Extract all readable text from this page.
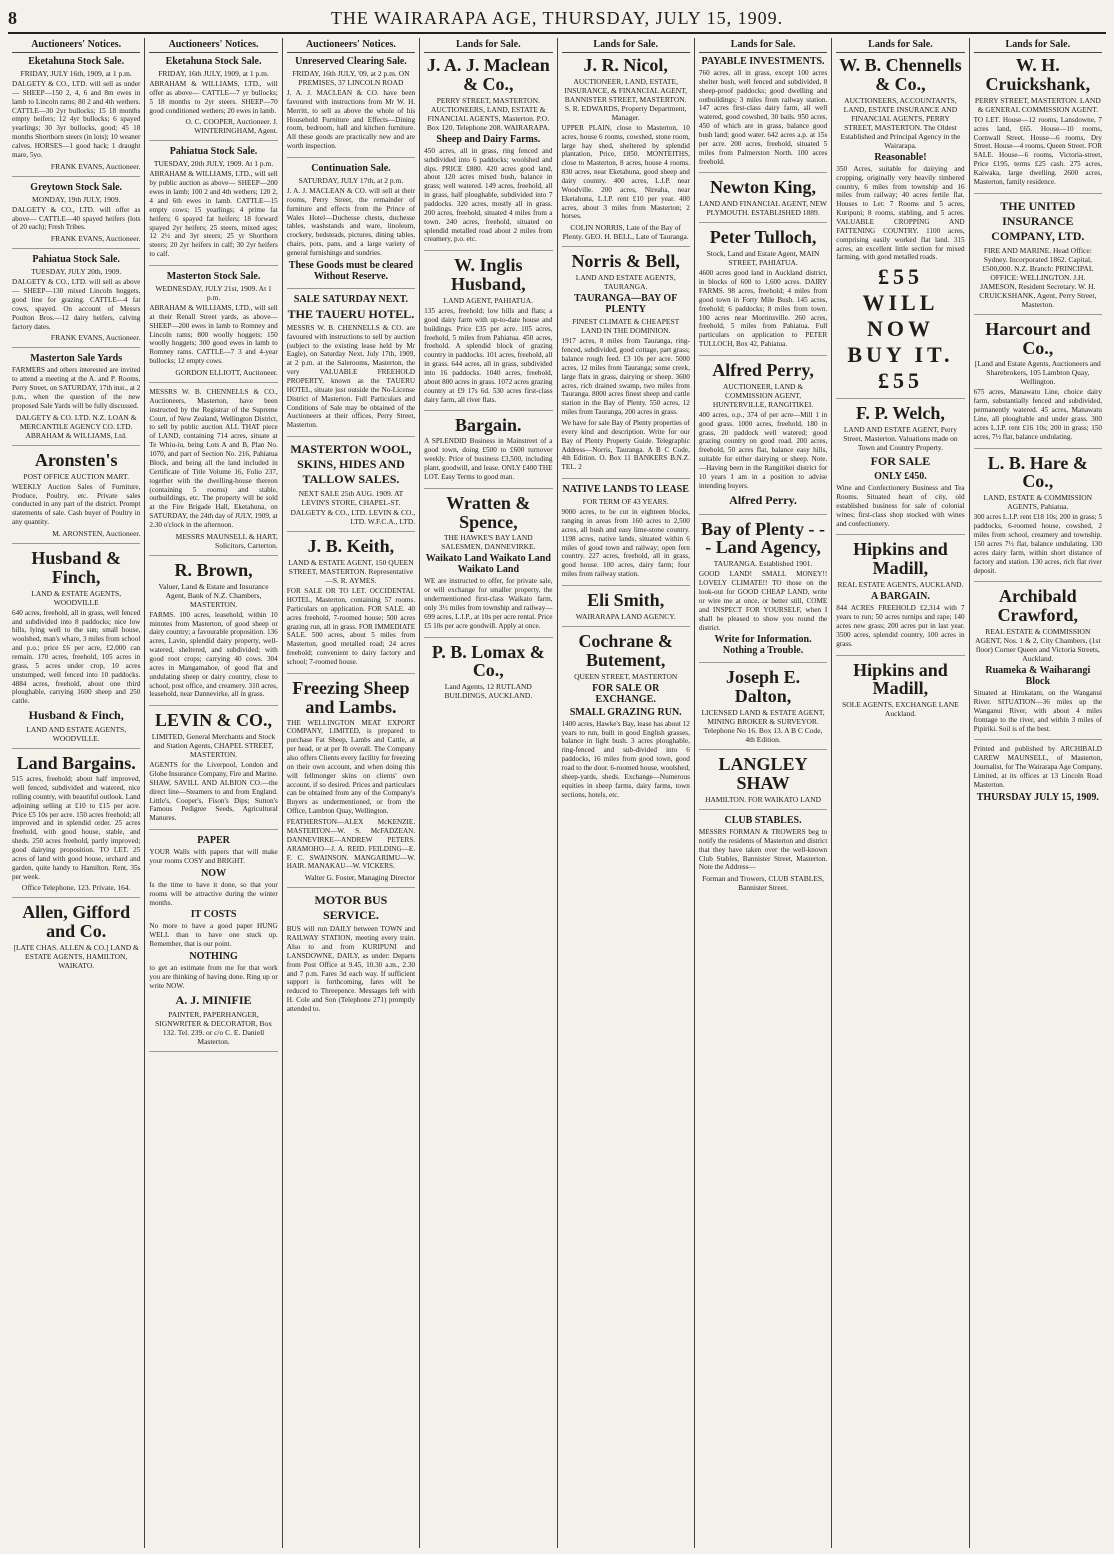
8	THE WAIRARAPA AGE, THURSDAY, JULY 15, 1909.
Auctioneers' Notices.
Eketahuna Stock Sale.
FRIDAY, JULY 16th, 1909, at 1 p.m.
DALGETY & CO., LTD. will sell as under— SHEEP—150 2, 4, 6 and 8m ewes in lamb to Lincoln rams; 80 2 and 4th wethers. CATTLE—30 2yr bullocks; 15 18 months empty heifers; 12 4yr bullocks; 6 spayed yearlings; 30 3yr bullocks, good; 45 18 months Shorthorn steers (in lots); 10 weaner calves. HORSES—1 good hack; 1 draught mare, 5yo.
FRANK EVANS, Auctioneer.
Greytown Stock Sale.
MONDAY, 19th JULY, 1909.
DALGETY & CO., LTD. will offer as above— CATTLE—40 spayed heifers (lots of 20 each); Fresh Tribes.
FRANK EVANS, Auctioneer.
Pahiatua Stock Sale.
TUESDAY, JULY 20th, 1909.
DALGETY & CO., LTD. will sell as above— SHEEP—130 mixed Lincoln hoggets, good line for grazing. CATTLE—4 fat cows, spayed. On account of Messrs Poulton Bros.—12 dairy heifers, calving factory dates.
FRANK EVANS, Auctioneer.
Masterton Sale Yards
FARMERS and others interested are invited to attend a meeting at the A. and P. Rooms, Perry Street, on SATURDAY, 17th inst., at 2 p.m., when the question of the new proposed Sale Yards will be fully discussed.
DALGETY & CO. LTD. N.Z. LOAN & MERCANTILE AGENCY CO. LTD. ABRAHAM & WILLIAMS, Ltd.
Aronsten's
POST OFFICE AUCTION MART.
WEEKLY Auction Sales of Furniture, Produce, Poultry, etc. Private sales conducted in any part of the district. Prompt statements of sale. Cash buyer of Poultry in any quantity.
M. ARONSTEN, Auctioneer.
Husband & Finch,
LAND & ESTATE AGENTS, WOODVILLE
640 acres, freehold, all in grass, well fenced and subdivided into 8 paddocks; nice low hills, lying well to the sun; small house, woolshed, man's whare, 3 miles from school and p.o.; price £6 per acre, £2,000 can remain. 170 acres, freehold, 105 acres in grass, 5 acres under crop, 10 acres unstumped, well fenced into 10 paddocks. 4884 acres, freehold, about one third ploughable, carrying 1600 sheep and 250 cattle.
Husband & Finch,
LAND AND ESTATE AGENTS, WOODVILLE.
Land Bargains.
515 acres, freehold; about half improved, well fenced, subdivided and watered, nice rolling country, with beautiful outlook. Land adjoining selling at £10 to £15 per acre. Price £5 10s per acre. 150 acres freehold; all improved and in splendid order. 25 acres freehold, with good house, stable, and sheds. 250 acres freehold, partly improved; good dairying proposition. TO LET. 25 acres of land with good house, orchard and garden, quite handy to Hamilton. Rent, 35s per week.
Office Telephone, 123. Private, 164.
Allen, Gifford and Co.
[LATE CHAS. ALLEN & CO.] LAND & ESTATE AGENTS, HAMILTON, WAIKATO.
Auctioneers' Notices.
Eketahuna Stock Sale.
FRIDAY, 16th JULY, 1909, at 1 p.m.
ABRAHAM & WILLIAMS, LTD., will offer as above— CATTLE—7 yr bullocks; 5 18 months to 2yr steers. SHEEP—70 good conditioned wethers; 20 ewes in lamb.
O. C. COOPER, Auctioneer. J. WINTERINGHAM, Agent.
Pahiatua Stock Sale.
TUESDAY, 20th JULY, 1909. At 1 p.m.
ABRAHAM & WILLIAMS, LTD., will sell by public auction as above— SHEEP—200 ewes in lamb; 100 2 and 4th wethers; 120 2, 4 and 6th ewes in lamb. CATTLE—15 empty cows; 15 yearlings; 4 prime fat heifers; 6 spayed fat heifers; 18 forward spayed 2yr heifers; 25 steers, mixed ages; 12 2½ and 3yr steers; 25 yr Shorthorn steers; 20 2yr heifers in calf; 30 2yr heifers to calf.
Masterton Stock Sale.
WEDNESDAY, JULY 21st, 1909. At 1 p.m.
ABRAHAM & WILLIAMS, LTD., will sell at their Renall Street yards, as above— SHEEP—200 ewes in lamb to Romney and Lincoln rams; 800 woolly hoggets; 150 woolly hoggets; 300 good ewes in lamb to Romney rams. CATTLE—7 3 and 4-year bullocks; 12 empty cows.
GORDON ELLIOTT, Auctioneer.
MESSRS W. B. CHENNELLS & CO., Auctioneers, Masterton, have been instructed by the Registrar of the Supreme Court, of New Zealand, Wellington District, to sell by public auction ALL THAT piece of LAND, containing 714 acres, situate at Te Whiu-iu, being Lots A and B, Plan No. 1070, and part of Section No. 216, Pahiatua Block, and being all the land included in Certificate of Title Volume 16, Folio 237, together with the dwelling-house thereon (containing 5 rooms) and stable, outbuildings, etc. The property will be sold at the Fire Brigade Hall, Eketahuna, on SATURDAY, the 24th day of JULY, 1909, at 2.30 o'clock in the afternoon.
MESSRS MAUNSELL & HART, Solicitors, Carterton.
R. Brown,
Valuer, Land & Estate and Insurance Agent, Bank of N.Z. Chambers, MASTERTON.
FARMS. 100 acres, leasehold, within 10 minutes from Masterton, of good sheep or dairy country; a favourable proposition. 136 acres, Lavin, splendid dairy property, well-watered, sheltered, and subdivided; with good root crops; carrying 40 cows. 304 acres in Mangamahoe, of good flat and undulating sheep or dairy country, close to school, post office, and creamery. 310 acres, leasehold, near Dannevirke, all in grass.
LEVIN & CO.,
LIMITED, General Merchants and Stock and Station Agents, CHAPEL STREET, MASTERTON.
AGENTS for the Liverpool, London and Globe Insurance Company, Fire and Marine. SHAW, SAVILL AND ALBION CO.—the direct line—Steamers to and from England. Little's, Cooper's, Fison's Dips; Sutton's Famous Pedigree Seeds, Agricultural Manures.
PAPER
YOUR Walls with papers that will make your rooms COSY and BRIGHT.
NOW
Is the time to have it done, so that your rooms will be attractive during the winter months.
IT COSTS
No more to have a good paper HUNG WELL than to have one stuck up. Remember, that is our point.
NOTHING
to get an estimate from me for that work you are thinking of having done. Ring up or write NOW.
A. J. MINIFIE
PAINTER, PAPERHANGER, SIGNWRITER & DECORATOR, Box 132. Tel. 239. or c/o C. E. Daniell Masterton.
Auctioneers' Notices.
Unreserved Clearing Sale.
FRIDAY, 16th JULY, '09, at 2 p.m. ON PREMISES, 37 LINCOLN ROAD
J. A. J. MACLEAN & CO. have been favoured with instructions from Mr W. H. Merritt, to sell as above the whole of his Household Furniture and Effects—Dining room, bedroom, hall and kitchen furniture. All these goods are practically new and are worth inspection.
Continuation Sale.
SATURDAY, JULY 17th, at 2 p.m.
J. A. J. MACLEAN & CO. will sell at their rooms, Perry Street, the remainder of furniture and effects from the Prince of Wales Hotel—Duchesse chests, duchesse tables, washstands and ware, linoleum, crockery, bedsteads, pictures, dining tables, chairs, pots, pans, and a large variety of general furnishings and sundries.
These Goods must be cleared Without Reserve.
SALE SATURDAY NEXT.
THE TAUERU HOTEL.
MESSRS W. B. CHENNELLS & CO. are favoured with instructions to sell by auction (subject to the existing lease held by Mr Eagle), on Saturday Next, July 17th, 1909, at 2 p.m. at the Salerooms, Masterton, the very VALUABLE FREEHOLD PROPERTY, known as the TAUERU HOTEL, situate just outside the No-License District of Masterton. Full Particulars and Conditions of Sale may be obtained of the Auctioneers at their offices, Perry Street, Masterton.
MASTERTON WOOL, SKINS, HIDES AND TALLOW SALES.
NEXT SALE 25th AUG. 1909. AT LEVIN'S STORE, CHAPEL-ST.
DALGETY & CO., LTD. LEVIN & CO., LTD. W.F.C.A., LTD.
J. B. Keith,
LAND & ESTATE AGENT, 150 QUEEN STREET, MASTERTON. Representative—S. R. AYMES.
FOR SALE OR TO LET. OCCIDENTAL HOTEL, Masterton, containing 57 rooms. Particulars on application. FOR SALE. 40 acres freehold, 7-roomed house; 500 acres grazing run, all in grass. FOR IMMEDIATE SALE. 500 acres, about 5 miles from Masterton, good metalled road; 24 acres freehold; convenient to dairy factory and school; 7-roomed house.
Freezing Sheep and Lambs.
THE WELLINGTON MEAT EXPORT COMPANY, LIMITED, is prepared to purchase Fat Sheep, Lambs and Cattle, at per head, or at per lb overall. The Company also offers Clients every facility for freezing on their own account, and when doing this will fellmonger skins on clients' own account, if so desired. Prices and particulars can be obtained from any of the Company's Buyers as undermentioned, or from the Office, Lambton Quay, Wellington.
FEATHERSTON—ALEX McKENZIE. MASTERTON—W. S. McFADZEAN. DANNEVIRKE—ANDREW PETERS. ARAMOHO—J. A. REID. FEILDING—E. F. C. SWAINSON. MANGARIMU—W. HAIR. MANAKAU—W. VICKERS.
Walter G. Foster, Managing Director
MOTOR BUS SERVICE.
BUS will run DAILY between TOWN and RAILWAY STATION, meeting every train. Also to and from KURIPUNI and LANSDOWNE, DAILY, as under: Departs from Post Office at 9.45, 10.30 a.m., 2.30 and 7 p.m. Fares 3d each way. If sufficient support is forthcoming, fares will be reduced to Threepence. Messages left with H. Cole and Son (Telephone 271) promptly attended to.
Lands for Sale.
J. A. J. Maclean & Co.,
PERRY STREET, MASTERTON. AUCTIONEERS, LAND, ESTATE & FINANCIAL AGENTS, Masterton. P.O. Box 120. Telephone 208. WAIRARAPA.
Sheep and Dairy Farms.
450 acres, all in grass, ring fenced and subdivided into 6 paddocks; woolshed and dips. PRICE £880. 420 acres good land, about 120 acres mixed bush, balance in grass; well watered. 149 acres, freehold, all in grass, half ploughable, subdivided into 7 paddocks. 320 acres, mostly all in grass. 200 acres, freehold, situated 4 miles from a town. 240 acres, freehold, situated on splendid metalled road about 2 miles from creamery, p.o. etc.
W. Inglis Husband,
LAND AGENT, PAHIATUA.
135 acres, freehold; low hills and flats; a good dairy farm with up-to-date house and buildings. Price £35 per acre. 105 acres, freehold, 5 miles from Pahiatua. 450 acres, freehold. A splendid block of grazing country in paddocks. 101 acres, freehold, all in grass. 644 acres, all in grass, subdivided into 16 paddocks. 1040 acres, freehold, about 800 acres in grass. 1072 acres grazing country at £9 17s 6d. 530 acres first-class dairy farm, all river flats.
Bargain.
A SPLENDID Business in Mainstreet of a good town, doing £500 to £600 turnover weekly. Price of business £3,500, including plant, goodwill, and lease. ONLY £400 THE LOT. Easy Terms to good man.
Wratten & Spence,
THE HAWKE'S BAY LAND SALESMEN, DANNEVIRKE.
Waikato Land Waikato Land Waikato Land
WE are instructed to offer, for private sale, or will exchange for smaller property, the undermentioned first-class Waikato farm, only 3½ miles from township and railway— 699 acres, L.I.P., at 10s per acre rental. Price £5 10s per acre goodwill. Apply at once.
P. B. Lomax & Co.,
Land Agents, 12 RUTLAND BUILDINGS, AUCKLAND.
Lands for Sale.
J. R. Nicol,
AUCTIONEER, LAND, ESTATE, INSURANCE, & FINANCIAL AGENT, BANNISTER STREET, MASTERTON. S. R. EDWARDS, Property Department, Manager.
UPPER PLAIN, close to Masterton, 10 acres, house 6 rooms, cowshed, stone room, large hay shed, sheltered by splendid plantation, Price, £850. MONTEITHS, close to Masterton, 8 acres, house 4 rooms. 830 acres, near Eketahuna, good sheep and dairy country. 400 acres, L.I.P. near Woodville. 200 acres, Nireaha, near Eketahuna, L.I.P. rent £10 per year. 400 acres, about 3 miles from Masterton; 2 horses.
COLIN NORRIS, Late of the Bay of Plenty. GEO. H. BELL, Late of Tauranga.
Norris & Bell,
LAND AND ESTATE AGENTS, TAURANGA.
TAURANGA—BAY OF PLENTY
FINEST CLIMATE & CHEAPEST LAND IN THE DOMINION.
1917 acres, 8 miles from Tauranga, ring-fenced, subdivided, good cottage, part grass; balance rough feed. £3 10s per acre. 5000 acres, 12 miles from Tauranga; some creek, large flats in grass, dairying or sheep. 3600 acres, rich drained swamp, two miles from Tauranga. 8000 acres finest sheep and cattle station in the Bay of Plenty. 550 acres, 12 miles from Tauranga, 200 acres in grass.
We have for sale Bay of Plenty properties of every kind and description. Write for our Bay of Plenty Property Guide. Telegraphic Address—Norris, Tauranga. A B C Code, 4th Edition. O. Box 11 BANKERS B.N.Z. TEL. 2
NATIVE LANDS TO LEASE
FOR TERM OF 43 YEARS.
9000 acres, to be cut in eighteen blocks, ranging in areas from 160 acres to 2,500 acres, all bush and easy lime-stone country. 1198 acres, native lands, situated within 6 miles of good town and railway; open fern country. 227 acres, freehold, all in grass, good house. 100 acres, dairy farm; four miles from railway station.
Eli Smith,
WAIRARAPA LAND AGENCY.
Cochrane & Butement,
QUEEN STREET, MASTERTON
FOR SALE OR EXCHANGE.
SMALL GRAZING RUN.
1400 acres, Hawke's Bay, lease has about 12 years to run, built in good English grasses, balance in light bush. 3 acres ploughable, ring-fenced and sub-divided into 6 paddocks, 16 miles from good town, good road to the door. 6-roomed house, woolshed, sheep-yards, sheds. Exchange—Numerous equities in sheep farms, dairy farms, town sections, hotels, etc.
Lands for Sale.
PAYABLE INVESTMENTS.
760 acres, all in grass, except 100 acres shelter bush, well fenced and subdivided, 8 sheep-proof paddocks; good dwelling and outbuildings; 3 miles from railway station. 147 acres first-class dairy farm, all well watered, good cowshed, 30 bails. 950 acres, 450 of which are in grass, balance good bush land; good water. 642 acres a.p. at 15s per acre. 200 acres, freehold, situated 5 miles from Palmerston North. 100 acres freehold.
Newton King,
LAND AND FINANCIAL AGENT, NEW PLYMOUTH. ESTABLISHED 1889.
Peter Tulloch,
Stock, Land and Estate Agent, MAIN STREET, PAHIATUA.
4600 acres good land in Auckland district, in blocks of 600 to 1,600 acres. DAIRY FARMS. 98 acres, freehold; 4 miles from good town in Forty Mile Bush. 145 acres, freehold; 6 paddocks; 8 miles from town. 100 acres near Morrinsville. 260 acres, freehold, 5 miles from Pahiatua. Full particulars on application to PETER TULLOCH, Box 42, Pahiatua.
Alfred Perry,
AUCTIONEER, LAND & COMMISSION AGENT, HUNTERVILLE, RANGITIKEI.
400 acres, o.p., 374 of per acre—Mill 1 in good grass. 1000 acres, freehold, 180 in grass, 20 paddock well watered; good grazing country on good road. 200 acres, freehold, 50 acres flat, balance easy hills, suitable for either dairying or sheep. Note.—Having been in the Rangitikei district for 10 years I am in a position to advise intending buyers.
Alfred Perry.
Bay of Plenty - - - Land Agency,
TAURANGA. Established 1901.
GOOD LAND! SMALL MONEY!! LOVELY CLIMATE!! TO those on the look-out for GOOD CHEAP LAND, write or wire me at once, or better still, COME and INSPECT FOR YOURSELF, when I shall be pleased to show you round the district.
Write for Information. Nothing a Trouble.
Joseph E. Dalton,
LICENSED LAND & ESTATE AGENT, MINING BROKER & SURVEYOR. Telephone No 16. Box 13. A B C Code, 4th Edition.
LANGLEY SHAW
HAMILTON. FOR WAIKATO LAND
CLUB STABLES.
MESSRS FORMAN & TROWERS beg to notify the residents of Masterton and district that they have taken over the well-known Club Stables, Bannister Street, Masterton. Note the Address—
Forman and Trowers, CLUB STABLES, Bannister Street.
Lands for Sale.
W. B. Chennells & Co.,
AUCTIONEERS, ACCOUNTANTS, LAND, ESTATE INSURANCE AND FINANCIAL AGENTS, PERRY STREET, MASTERTON. The Oldest Established and Principal Agency in the Wairarapa.
Reasonable!
350 Acres, suitable for dairying and cropping, originally very heavily timbered country, 6 miles from township and 16 miles from railway; 40 acres fertile flat. Houses to Let: 7 Rooms and 5 acres, Kuripuni; 8 rooms, stabling, and 5 acres. VALUABLE CROPPING AND FATTENING COUNTRY. 1100 acres, comprising easily worked flat land. 315 acres, an excellent little section for mixed farming, with good metalled roads.
£55 WILL NOW BUY IT. £55
F. P. Welch,
LAND AND ESTATE AGENT, Perry Street, Masterton. Valuations made on Town and Country Property.
FOR SALE
ONLY £450.
Wine and Confectionery Business and Tea Rooms. Situated heart of city, old established business for sale of colonial wines; first-class shop stocked with wines and confectionery.
Hipkins and Madill,
REAL ESTATE AGENTS, AUCKLAND.
A BARGAIN.
844 ACRES FREEHOLD £2,314 with 7 years to run; 50 acres turnips and rape; 140 acres new grass; 200 acres put in last year. 3500 acres, splendid country, 100 acres in grass.
Hipkins and Madill,
SOLE AGENTS, EXCHANGE LANE Auckland.
Lands for Sale.
W. H. Cruickshank,
PERRY STREET, MASTERTON. LAND & GENERAL COMMISSION AGENT.
TO LET. House—12 rooms, Lansdowne, 7 acres land, £65. House—10 rooms, Cornwall Street. House—6 rooms, Dry Street. House—4 rooms, Queen Street. FOR SALE. House—6 rooms, Victoria-street, Price £195, terms £25 cash. 275 acres, Kaiwaka, large dwelling. 2600 acres, Masterton, family residence.
THE UNITED INSURANCE COMPANY, LTD.
FIRE AND MARINE. Head Office: Sydney. Incorporated 1862. Capital, £500,000. N.Z. Branch: PRINCIPAL OFFICE: WELLINGTON. J.H. JAMESON, Resident Secretary. W. H. CRUICKSHANK, Agent, Perry Street, Masterton.
Harcourt and Co.,
[Land and Estate Agents, Auctioneers and Sharebrokers, 105 Lambton Quay, Wellington.
675 acres, Manawatu Line, choice dairy farm, substantially fenced and subdivided, permanently watered. 45 acres, Manawatu Line, all ploughable and under grass. 300 acres L.I.P. rent £16 10s; 200 in grass; 150 acres, 7½ flat, balance undulating.
L. B. Hare & Co.,
LAND, ESTATE & COMMISSION AGENTS, Pahiatua.
300 acres L.I.P. rent £18 10s; 200 in grass; 5 paddocks, 6-roomed house, cowshed, 2 miles from school, creamery and township. 150 acres 7½ flat, balance undulating. 130 acres dairy farm, within short distance of factory and station. 130 acres, rich flat river deposit.
Archibald Crawford,
REAL ESTATE & COMMISSION AGENT, Nos. 1 & 2, City Chambers, (1st floor) Corner Queen and Victoria Streets, Auckland.
Ruameka & Waiharangi Block
Situated at Hirukatam, on the Wanganui River. SITUATION—36 miles up the Wanganui River, with about 4 miles frontage to the river, and within 3 miles of Pipiriki. Soil is of the best.
Printed and published by ARCHIBALD CAREW MAUNSELL, of Masterton, Journalist, for The Wairarapa Age Company, Limited, at its offices at 13 Lincoln Road Masterton.
THURSDAY JULY 15, 1909.
